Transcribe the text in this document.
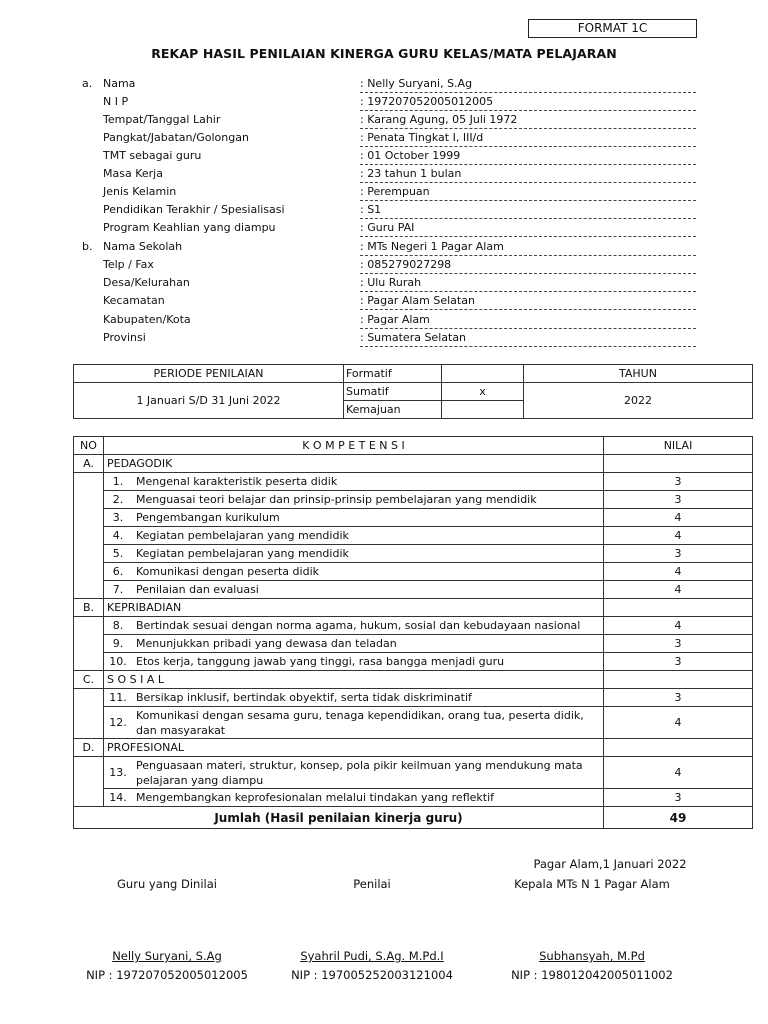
FORMAT 1C
REKAP HASIL PENILAIAN KINERGA GURU KELAS/MATA PELAJARAN
a. Nama	: Nelly Suryani, S.Ag
N I P	: 197207052005012005
Tempat/Tanggal Lahir	: Karang Agung, 05 Juli 1972
Pangkat/Jabatan/Golongan	: Penata Tingkat I, III/d
TMT sebagai guru	: 01 October 1999
Masa Kerja	: 23 tahun 1 bulan
Jenis Kelamin	: Perempuan
Pendidikan Terakhir / Spesialisasi	: S1
Program Keahlian yang diampu	: Guru PAI
b. Nama Sekolah	: MTs Negeri 1 Pagar Alam
Telp / Fax	: 085279027298
Desa/Kelurahan	: Ulu Rurah
Kecamatan	: Pagar Alam Selatan
Kabupaten/Kota	: Pagar Alam
Provinsi	: Sumatera Selatan
PERIODE PENILAIAN	Formatif		TAHUN
1 Januari S/D 31 Juni 2022	Sumatif	x	2022
	Kemajuan		
NO	K O M P E T E N S I		NILAI
A.	PEDAGODIK		
	1.	Mengenal karakteristik peserta didik	3
	2.	Menguasai teori belajar dan prinsip-prinsip pembelajaran yang mendidik	3
	3.	Pengembangan kurikulum	4
	4.	Kegiatan pembelajaran yang mendidik	4
	5.	Kegiatan pembelajaran yang mendidik	3
	6.	Komunikasi dengan peserta didik	4
	7.	Penilaian dan evaluasi	4
B.	KEPRIBADIAN		
	8.	Bertindak sesuai dengan norma agama, hukum, sosial dan kebudayaan nasional	4
	9.	Menunjukkan pribadi yang dewasa dan teladan	3
	10.	Etos kerja, tanggung jawab yang tinggi, rasa bangga menjadi guru	3
C.	S O S I A L		
	11.	Bersikap inklusif, bertindak obyektif, serta tidak diskriminatif	3
	12.	Komunikasi dengan sesama guru, tenaga kependidikan, orang tua, peserta didik, dan masyarakat	4
D.	PROFESIONAL		
	13.	Penguasaan materi, struktur, konsep, pola pikir keilmuan yang mendukung mata pelajaran yang diampu	4
	14.	Mengembangkan keprofesionalan melalui tindakan yang reflektif	3
Jumlah (Hasil penilaian kinerja guru)			49
Pagar Alam,1 Januari 2022
Guru yang Dinilai	Penilai	Kepala MTs N 1 Pagar Alam
Nelly Suryani, S.Ag	Syahril Pudi, S.Ag. M.Pd.I	Subhansyah, M.Pd
NIP : 197207052005012005	NIP : 197005252003121004	NIP : 198012042005011002
